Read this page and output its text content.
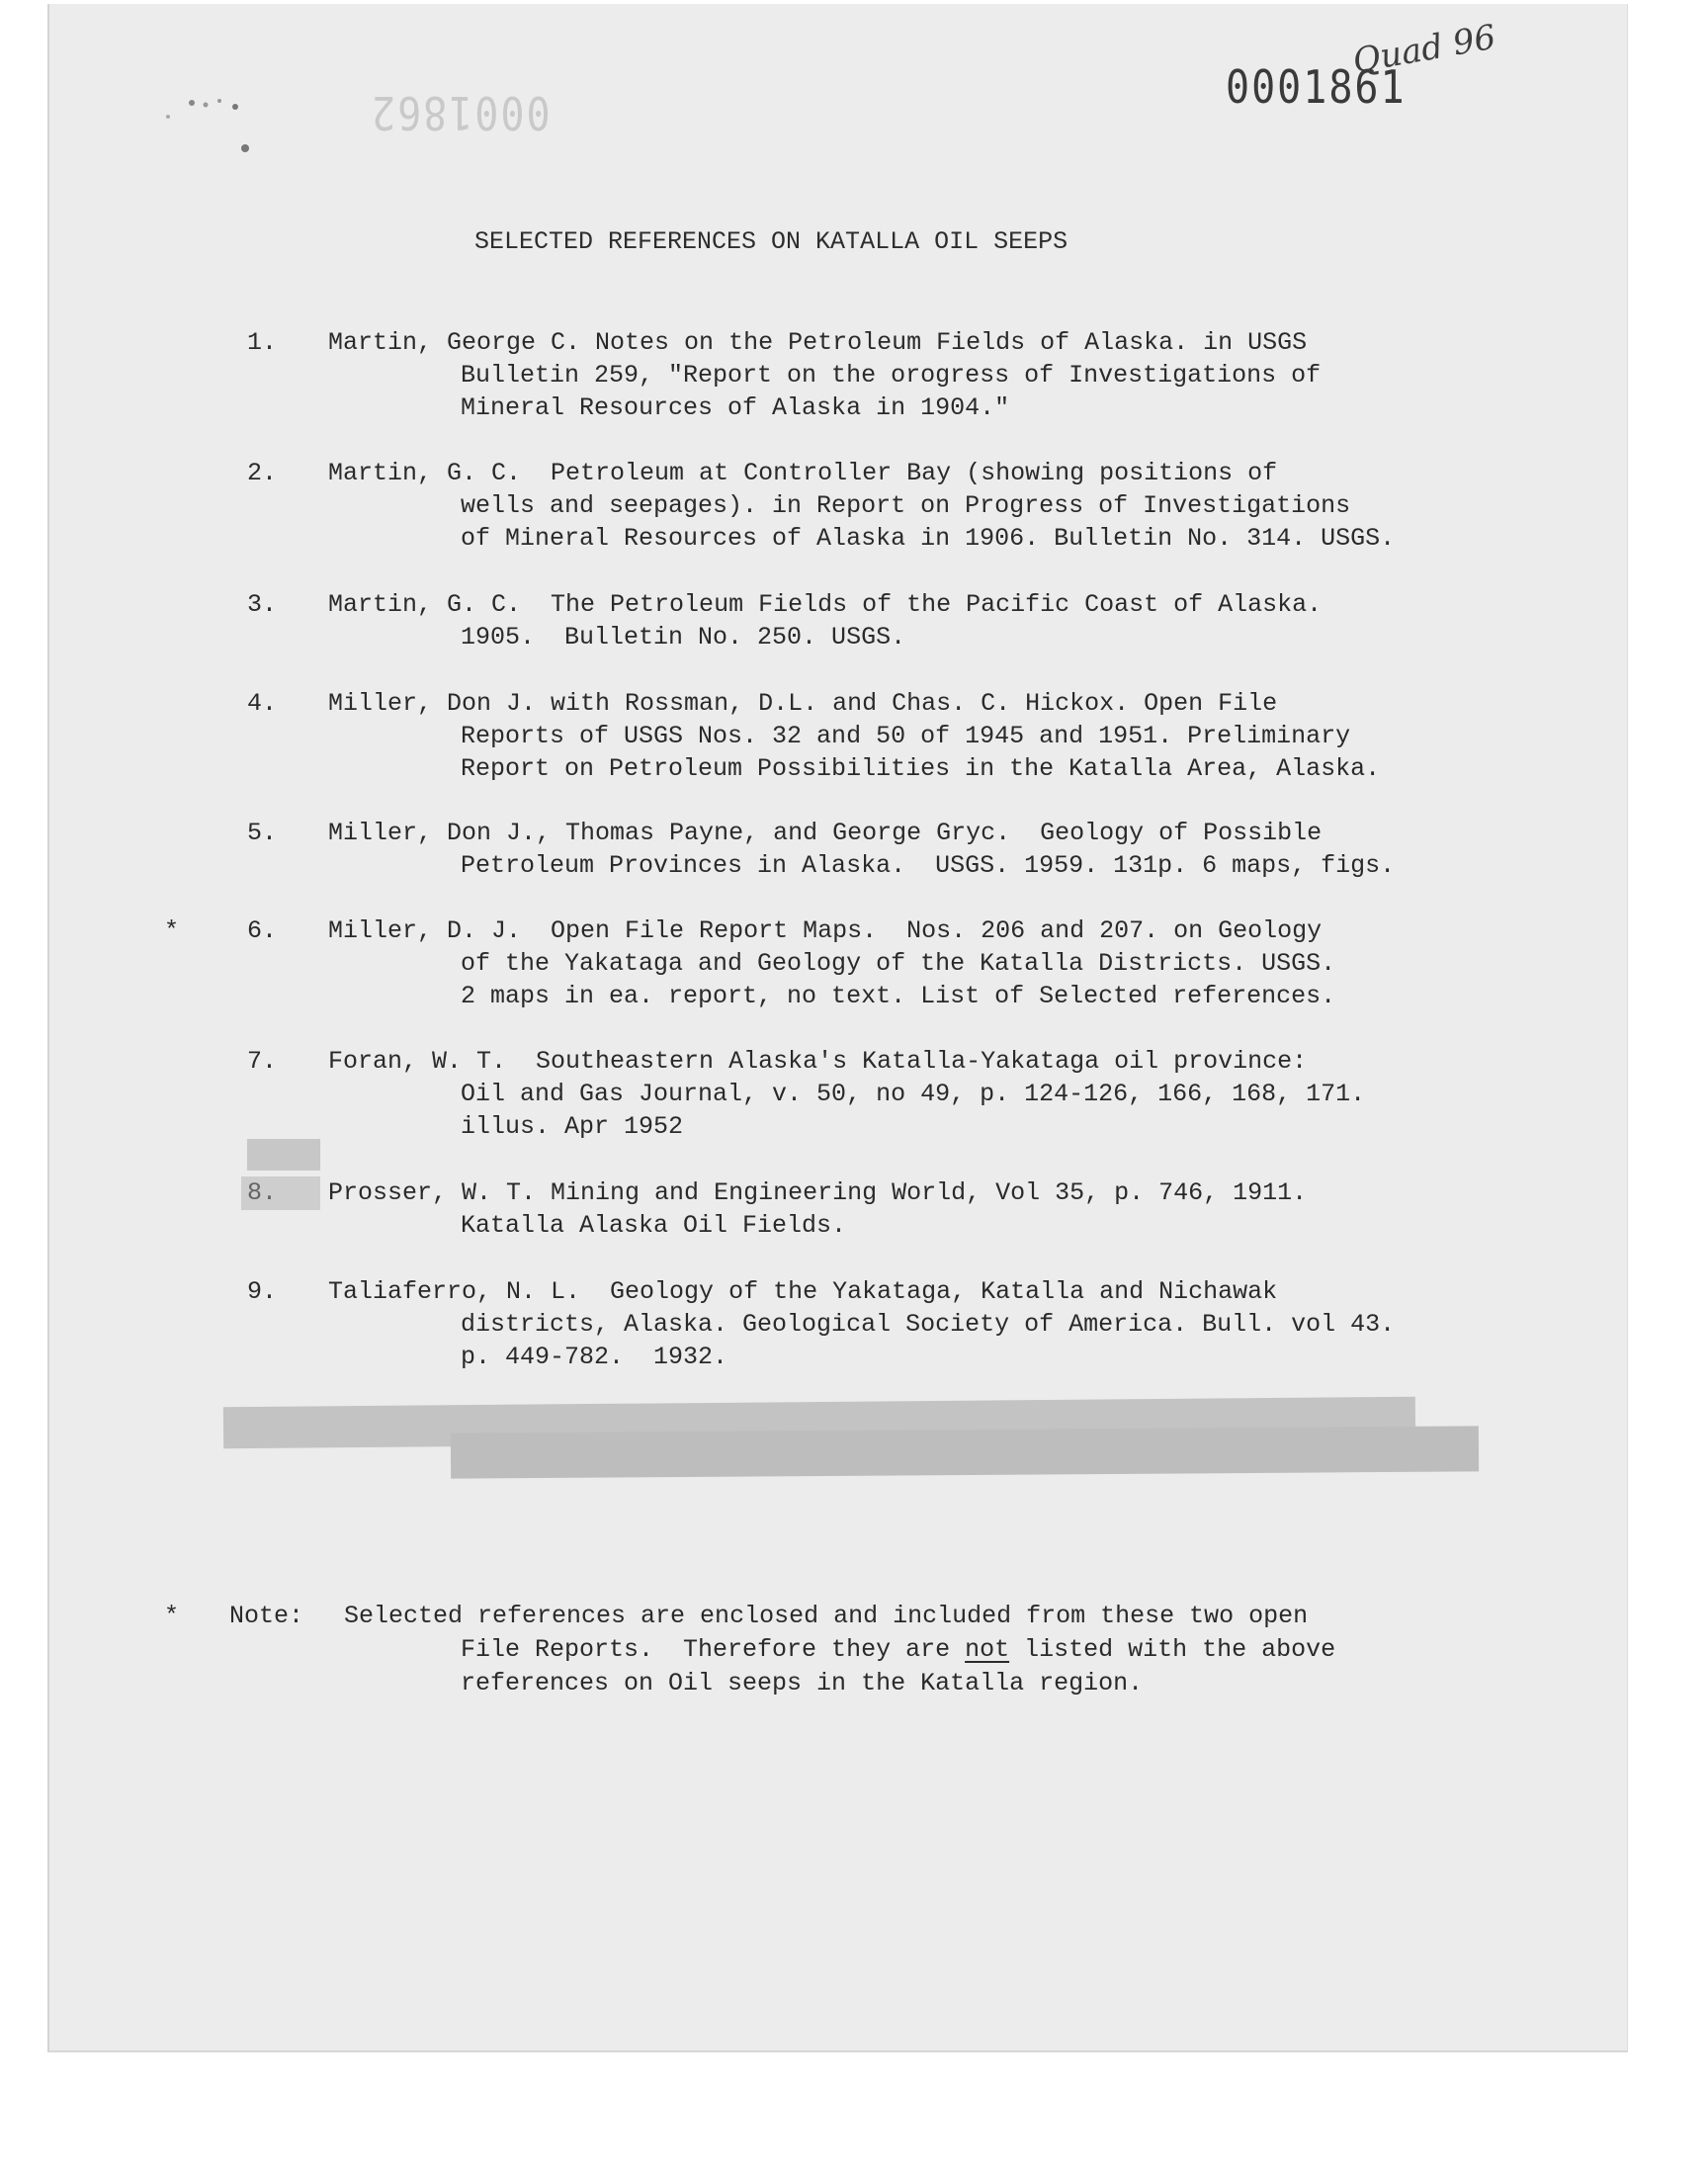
0001862	0001861
Quad 96
SELECTED REFERENCES ON KATALLA OIL SEEPS
1. Martin, George C. Notes on the Petroleum Fields of Alaska. in USGS
Bulletin 259, "Report on the orogress of Investigations of
Mineral Resources of Alaska in 1904."
2. Martin, G. C.  Petroleum at Controller Bay (showing positions of
wells and seepages). in Report on Progress of Investigations
of Mineral Resources of Alaska in 1906. Bulletin No. 314. USGS.
3. Martin, G. C.  The Petroleum Fields of the Pacific Coast of Alaska.
1905.  Bulletin No. 250. USGS.
4. Miller, Don J. with Rossman, D.L. and Chas. C. Hickox. Open File
Reports of USGS Nos. 32 and 50 of 1945 and 1951. Preliminary
Report on Petroleum Possibilities in the Katalla Area, Alaska.
5. Miller, Don J., Thomas Payne, and George Gryc.  Geology of Possible
Petroleum Provinces in Alaska.  USGS. 1959. 131p. 6 maps, figs.
*	6. Miller, D. J.  Open File Report Maps.  Nos. 206 and 207. on Geology
of the Yakataga and Geology of the Katalla Districts. USGS.
2 maps in ea. report, no text. List of Selected references.
7. Foran, W. T.  Southeastern Alaska's Katalla-Yakataga oil province:
Oil and Gas Journal, v. 50, no 49, p. 124-126, 166, 168, 171.
illus. Apr 1952
8. Prosser, W. T. Mining and Engineering World, Vol 35, p. 746, 1911.
Katalla Alaska Oil Fields.
9. Taliaferro, N. L.  Geology of the Yakataga, Katalla and Nichawak
districts, Alaska. Geological Society of America. Bull. vol 43.
p. 449-782.  1932.
* Note: Selected references are enclosed and included from these two open
File Reports.  Therefore they are not listed with the above
references on Oil seeps in the Katalla region.
